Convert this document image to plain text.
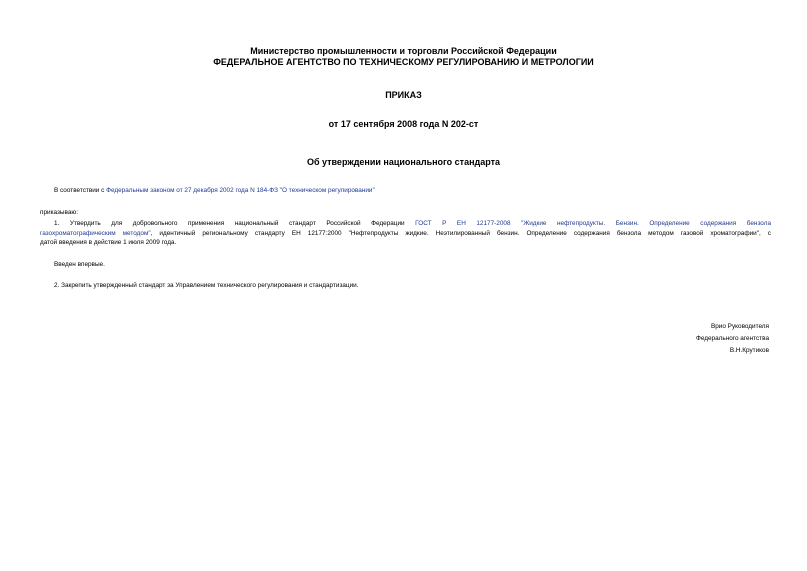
Министерство промышленности и торговли Российской Федерации
ФЕДЕРАЛЬНОЕ АГЕНТСТВО ПО ТЕХНИЧЕСКОМУ РЕГУЛИРОВАНИЮ И МЕТРОЛОГИИ
ПРИКАЗ
от 17 сентября 2008 года N 202-ст
Об утверждении национального стандарта
В соответствии с Федеральным законом от 27 декабря 2002 года N 184-ФЗ "О техническом регулировании"
приказываю:
1. Утвердить для добровольного применения национальный стандарт Российской Федерации ГОСТ Р ЕН 12177-2008 "Жидкие нефтепродукты. Бензин. Определение содержания бензола
газохроматографическим методом", идентичный региональному стандарту ЕН 12177:2000 "Нефтепродукты жидкие. Неэтилированный бензин. Определение содержания бензола методом газовой хроматографии", с
датой введения в действие 1 июля 2009 года.
Введен впервые.
2. Закрепить утвержденный стандарт за Управлением технического регулирования и стандартизации.
Врио Руководителя
Федерального агентства
В.Н.Крутиков
